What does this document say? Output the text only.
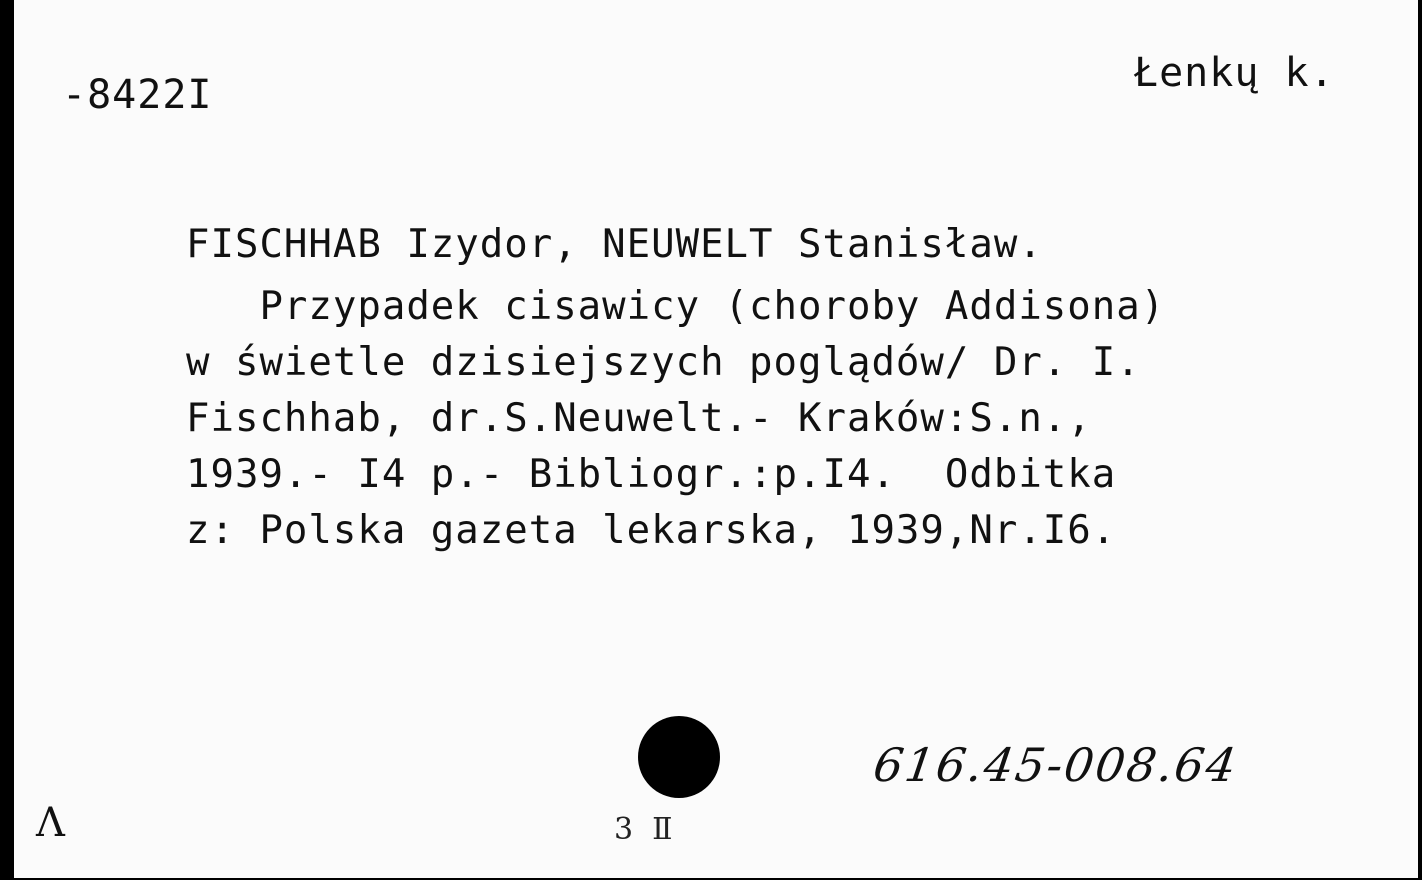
-8422I	Łenkų k.
FISCHHAB Izydor, NEUWELT Stanisław.
Przypadek cisawicy (choroby Addisona)
w świetle dzisiejszych poglądów/ Dr. I.
Fischhab, dr.S.Neuwelt.- Kraków:S.n.,
1939.- I4 p.- Bibliogr.:p.I4.  Odbitka
z: Polska gazeta lekarska, 1939,Nr.I6.
616.45-008.64
Λ	3  Ⅱ
